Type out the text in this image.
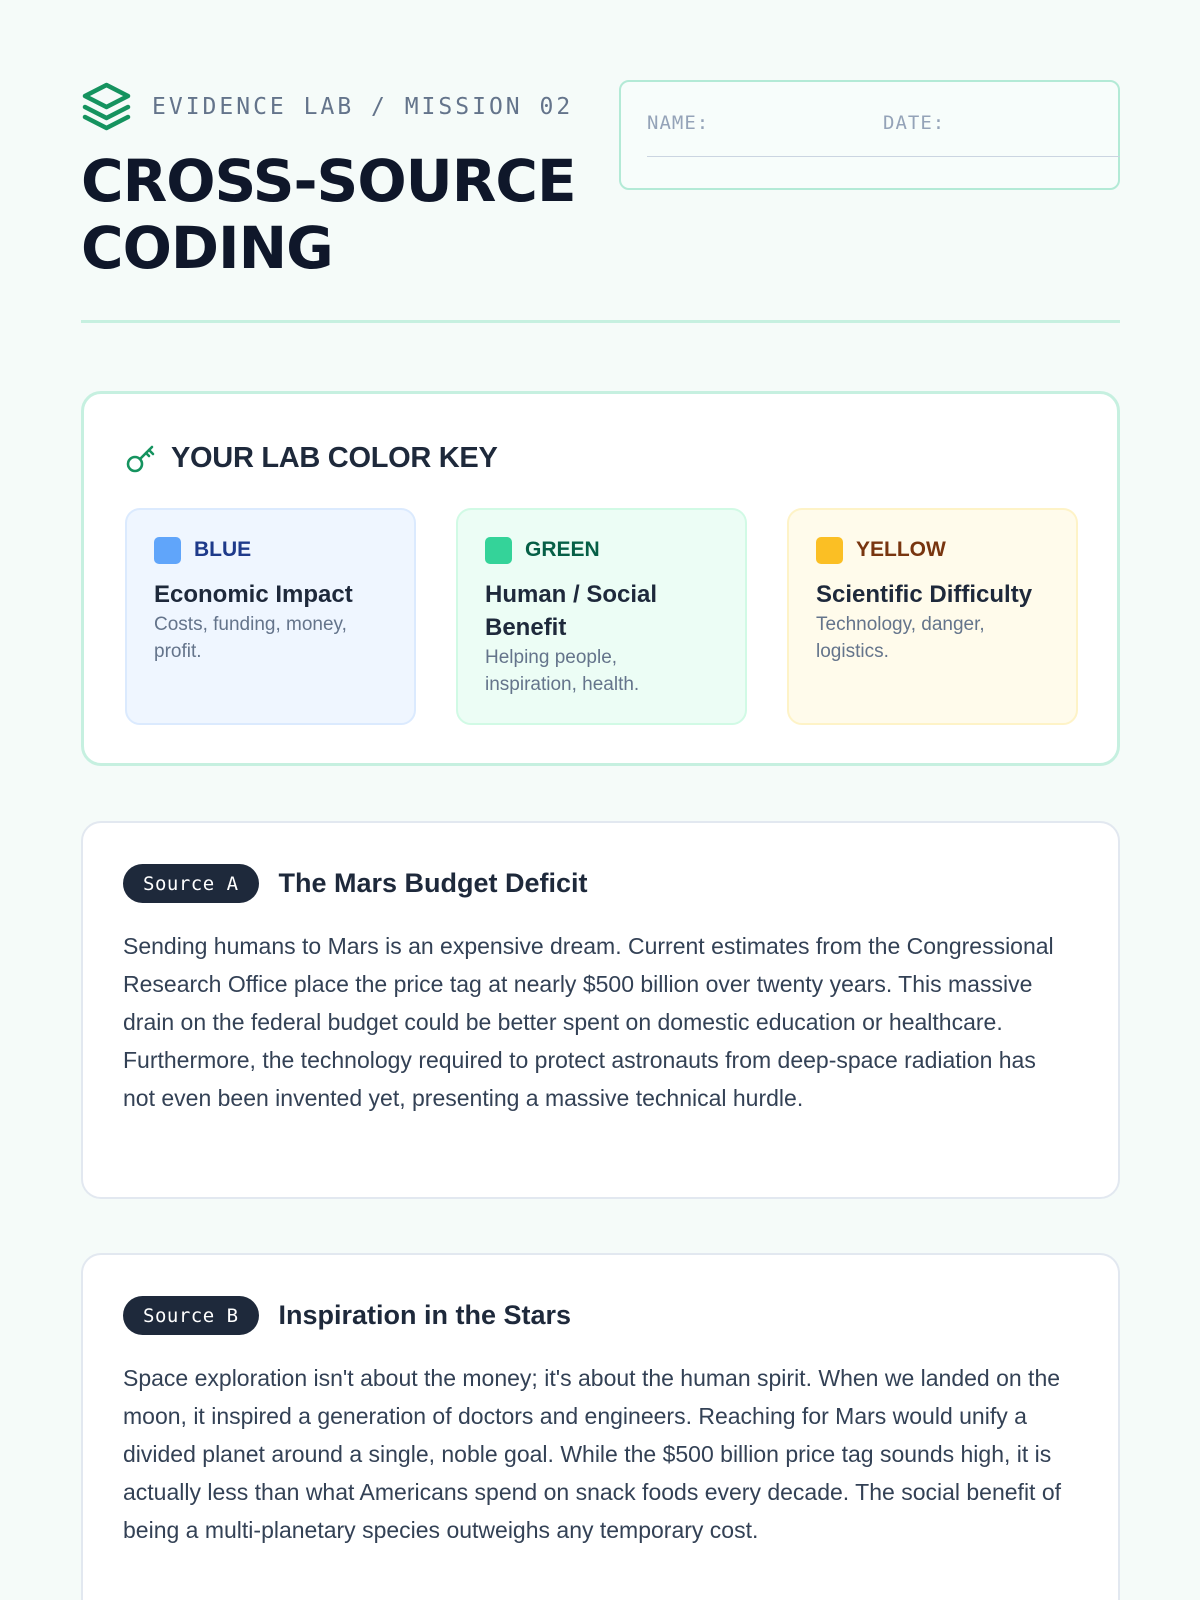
EVIDENCE LAB / MISSION 02
CROSS-SOURCE
CODING
NAME:	DATE:
YOUR LAB COLOR KEY
BLUE
Economic Impact
Costs, funding, money, profit.
GREEN
Human / Social Benefit
Helping people, inspiration, health.
YELLOW
Scientific Difficulty
Technology, danger, logistics.
Source A	The Mars Budget Deficit

Sending humans to Mars is an expensive dream. Current estimates from the Congressional Research Office place the price tag at nearly $500 billion over twenty years. This massive drain on the federal budget could be better spent on domestic education or healthcare. Furthermore, the technology required to protect astronauts from deep-space radiation has not even been invented yet, presenting a massive technical hurdle.

Source B	Inspiration in the Stars

Space exploration isn't about the money; it's about the human spirit. When we landed on the moon, it inspired a generation of doctors and engineers. Reaching for Mars would unify a divided planet around a single, noble goal. While the $500 billion price tag sounds high, it is actually less than what Americans spend on snack foods every decade. The social benefit of being a multi-planetary species outweighs any temporary cost.
